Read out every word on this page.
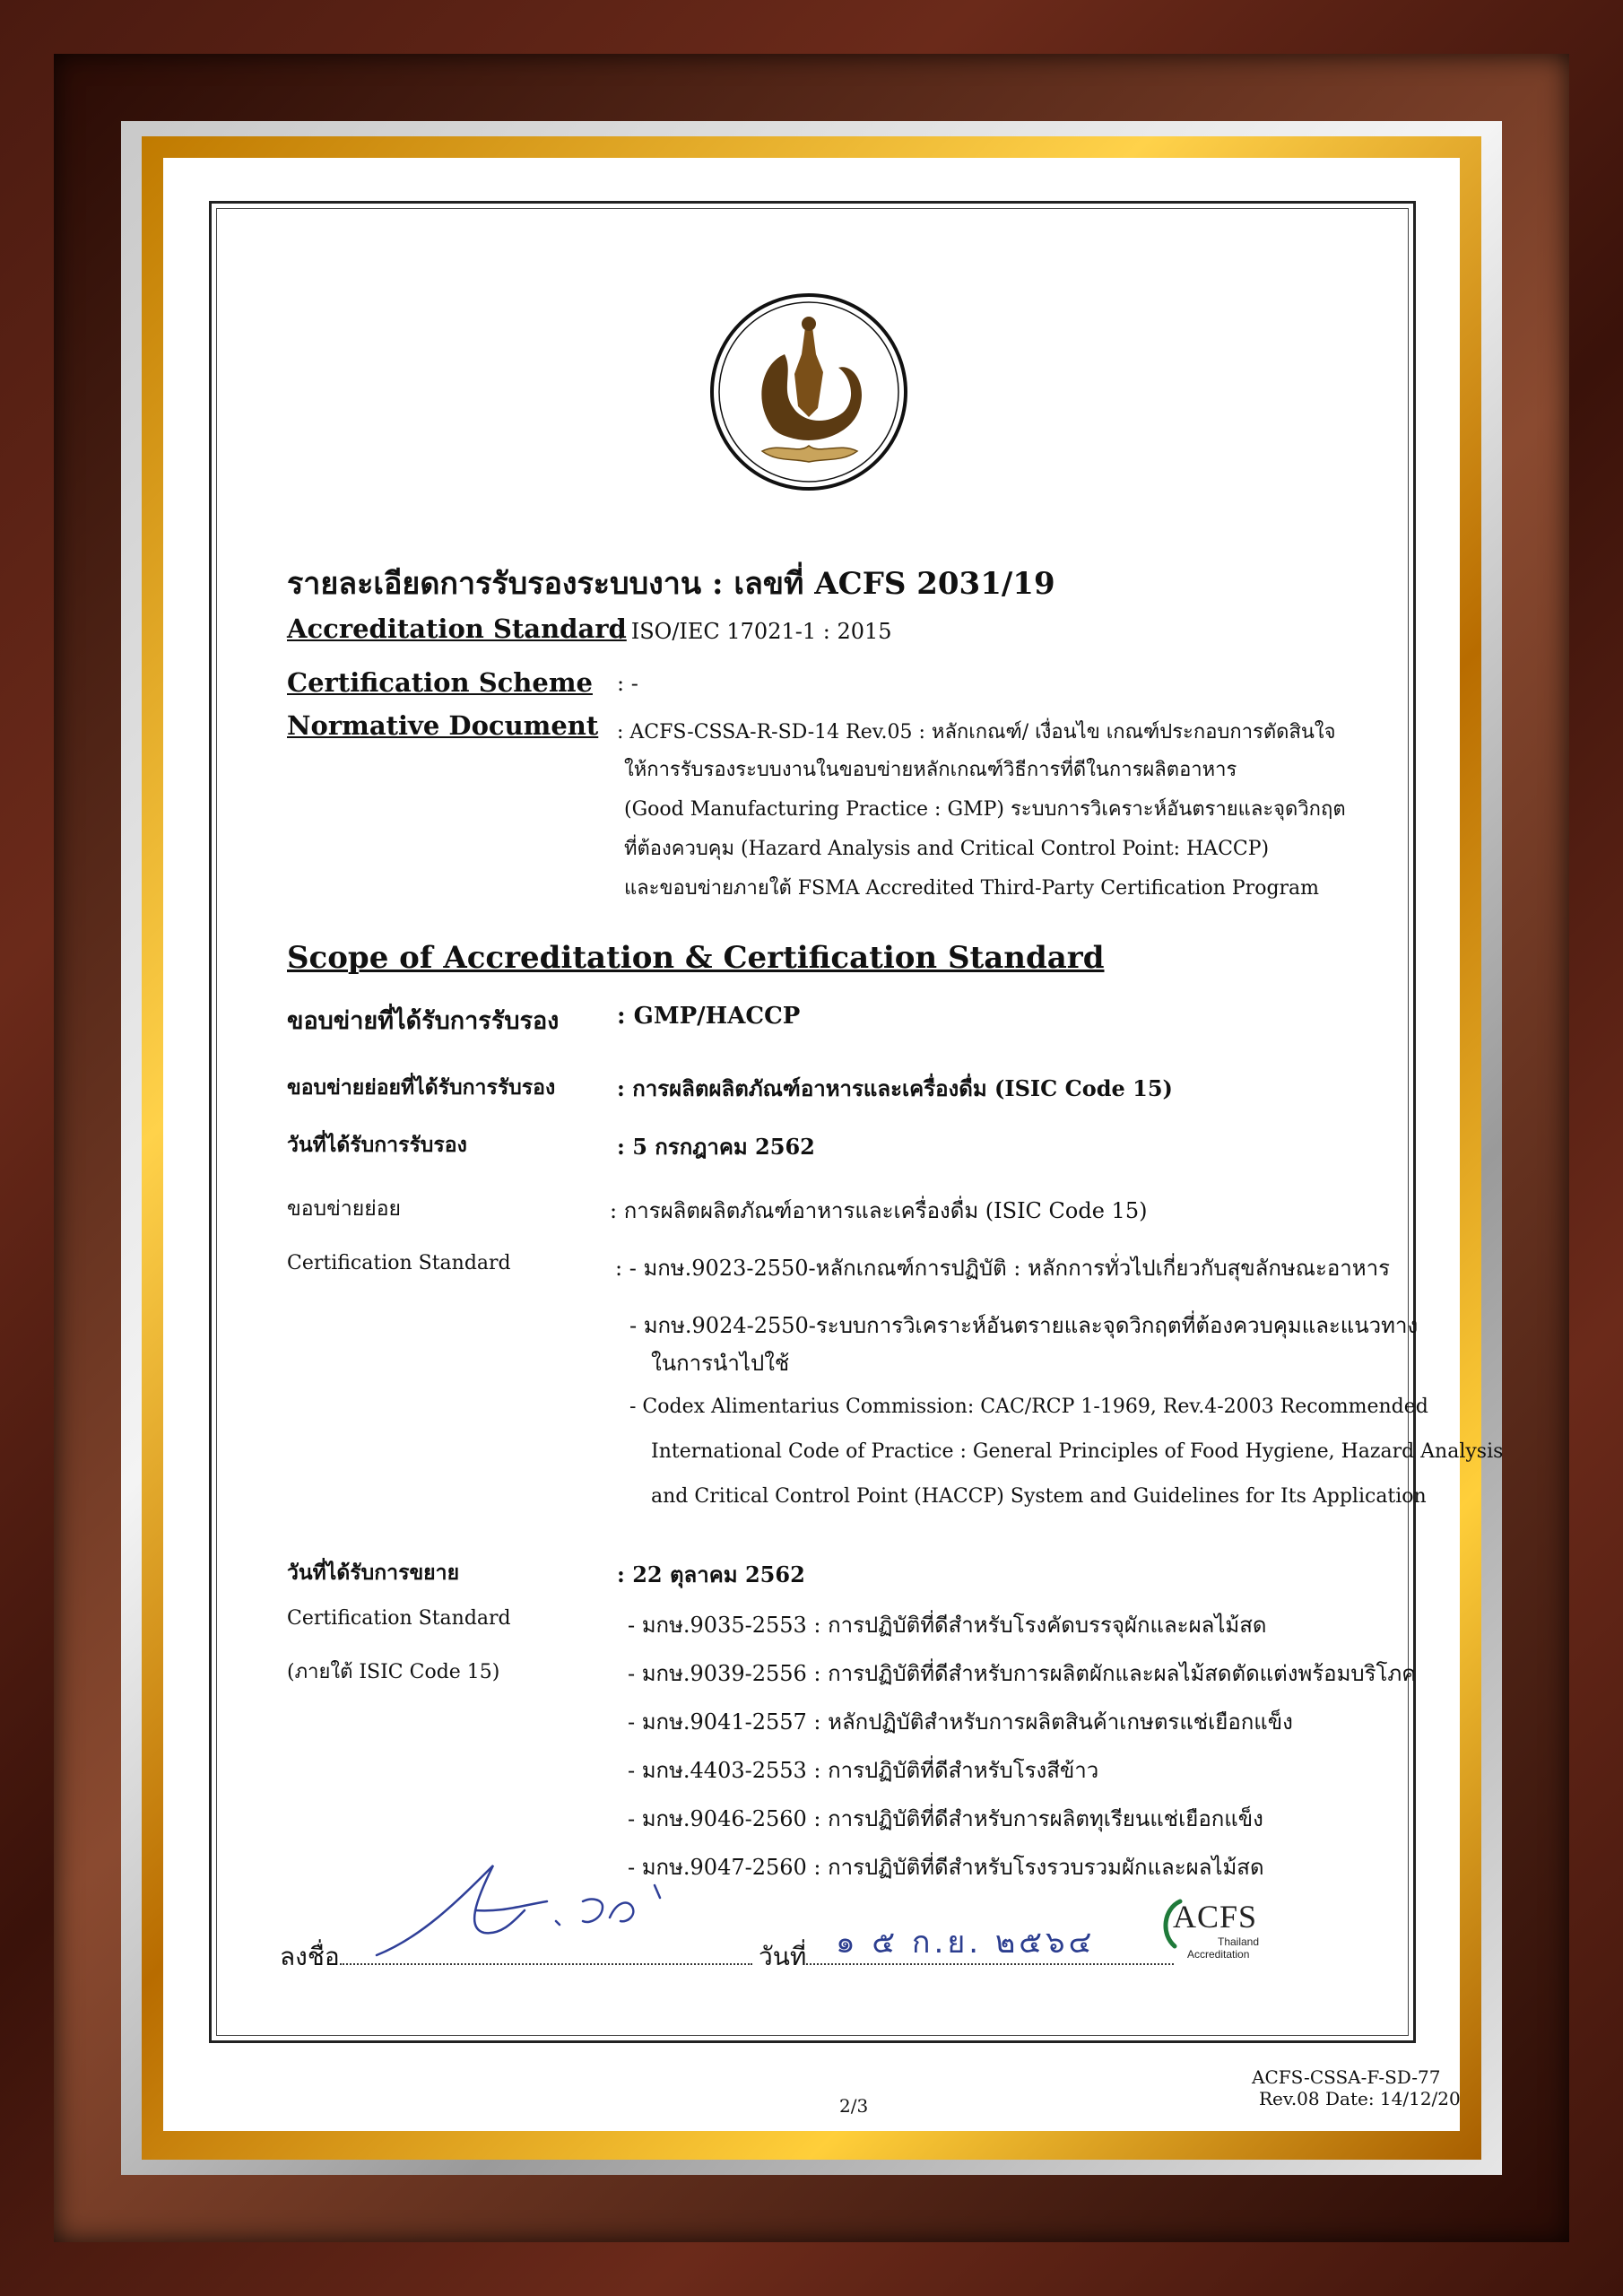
รายละเอียดการรับรองระบบงาน : เลขที่ ACFS 2031/19
Accreditation Standard
: ISO/IEC 17021-1 : 2015
Certification Scheme : -
Normative Document : ACFS-CSSA-R-SD-14 Rev.05 : หลักเกณฑ์/ เงื่อนไข เกณฑ์ประกอบการตัดสินใจ
ให้การรับรองระบบงานในขอบข่ายหลักเกณฑ์วิธีการที่ดีในการผลิตอาหาร
(Good Manufacturing Practice : GMP) ระบบการวิเคราะห์อันตรายและจุดวิกฤต
ที่ต้องควบคุม (Hazard Analysis and Critical Control Point: HACCP)
และขอบข่ายภายใต้ FSMA Accredited Third-Party Certification Program
Scope of Accreditation & Certification Standard
ขอบข่ายที่ได้รับการรับรอง : GMP/HACCP
ขอบข่ายย่อยที่ได้รับการรับรอง	: การผลิตผลิตภัณฑ์อาหารและเครื่องดื่ม (ISIC Code 15)
วันที่ได้รับการรับรอง	: 5 กรกฎาคม 2562
ขอบข่ายย่อย	: การผลิตผลิตภัณฑ์อาหารและเครื่องดื่ม (ISIC Code 15)
Certification Standard	: - มกษ.9023-2550-หลักเกณฑ์การปฏิบัติ : หลักการทั่วไปเกี่ยวกับสุขลักษณะอาหาร
- มกษ.9024-2550-ระบบการวิเคราะห์อันตรายและจุดวิกฤตที่ต้องควบคุมและแนวทาง
ในการนำไปใช้
- Codex Alimentarius Commission: CAC/RCP 1-1969, Rev.4-2003 Recommended
International Code of Practice : General Principles of Food Hygiene, Hazard Analysis
and Critical Control Point (HACCP) System and Guidelines for Its Application
วันที่ได้รับการขยาย	: 22 ตุลาคม 2562
Certification Standard
(ภายใต้ ISIC Code 15)
- มกษ.9035-2553 : การปฏิบัติที่ดีสำหรับโรงคัดบรรจุผักและผลไม้สด
- มกษ.9039-2556 : การปฏิบัติที่ดีสำหรับการผลิตผักและผลไม้สดตัดแต่งพร้อมบริโภค
- มกษ.9041-2557 : หลักปฏิบัติสำหรับการผลิตสินค้าเกษตรแช่เยือกแข็ง
- มกษ.4403-2553 : การปฏิบัติที่ดีสำหรับโรงสีข้าว
- มกษ.9046-2560 : การปฏิบัติที่ดีสำหรับการผลิตทุเรียนแช่เยือกแข็ง
- มกษ.9047-2560 : การปฏิบัติที่ดีสำหรับโรงรวบรวมผักและผลไม้สด
ลงชื่อ	วันที่ ๑ ๕ ก.ย. ๒๕๖๔
ACFS
Thailand
Accreditation
2/3
ACFS-CSSA-F-SD-77
Rev.08 Date: 14/12/20
